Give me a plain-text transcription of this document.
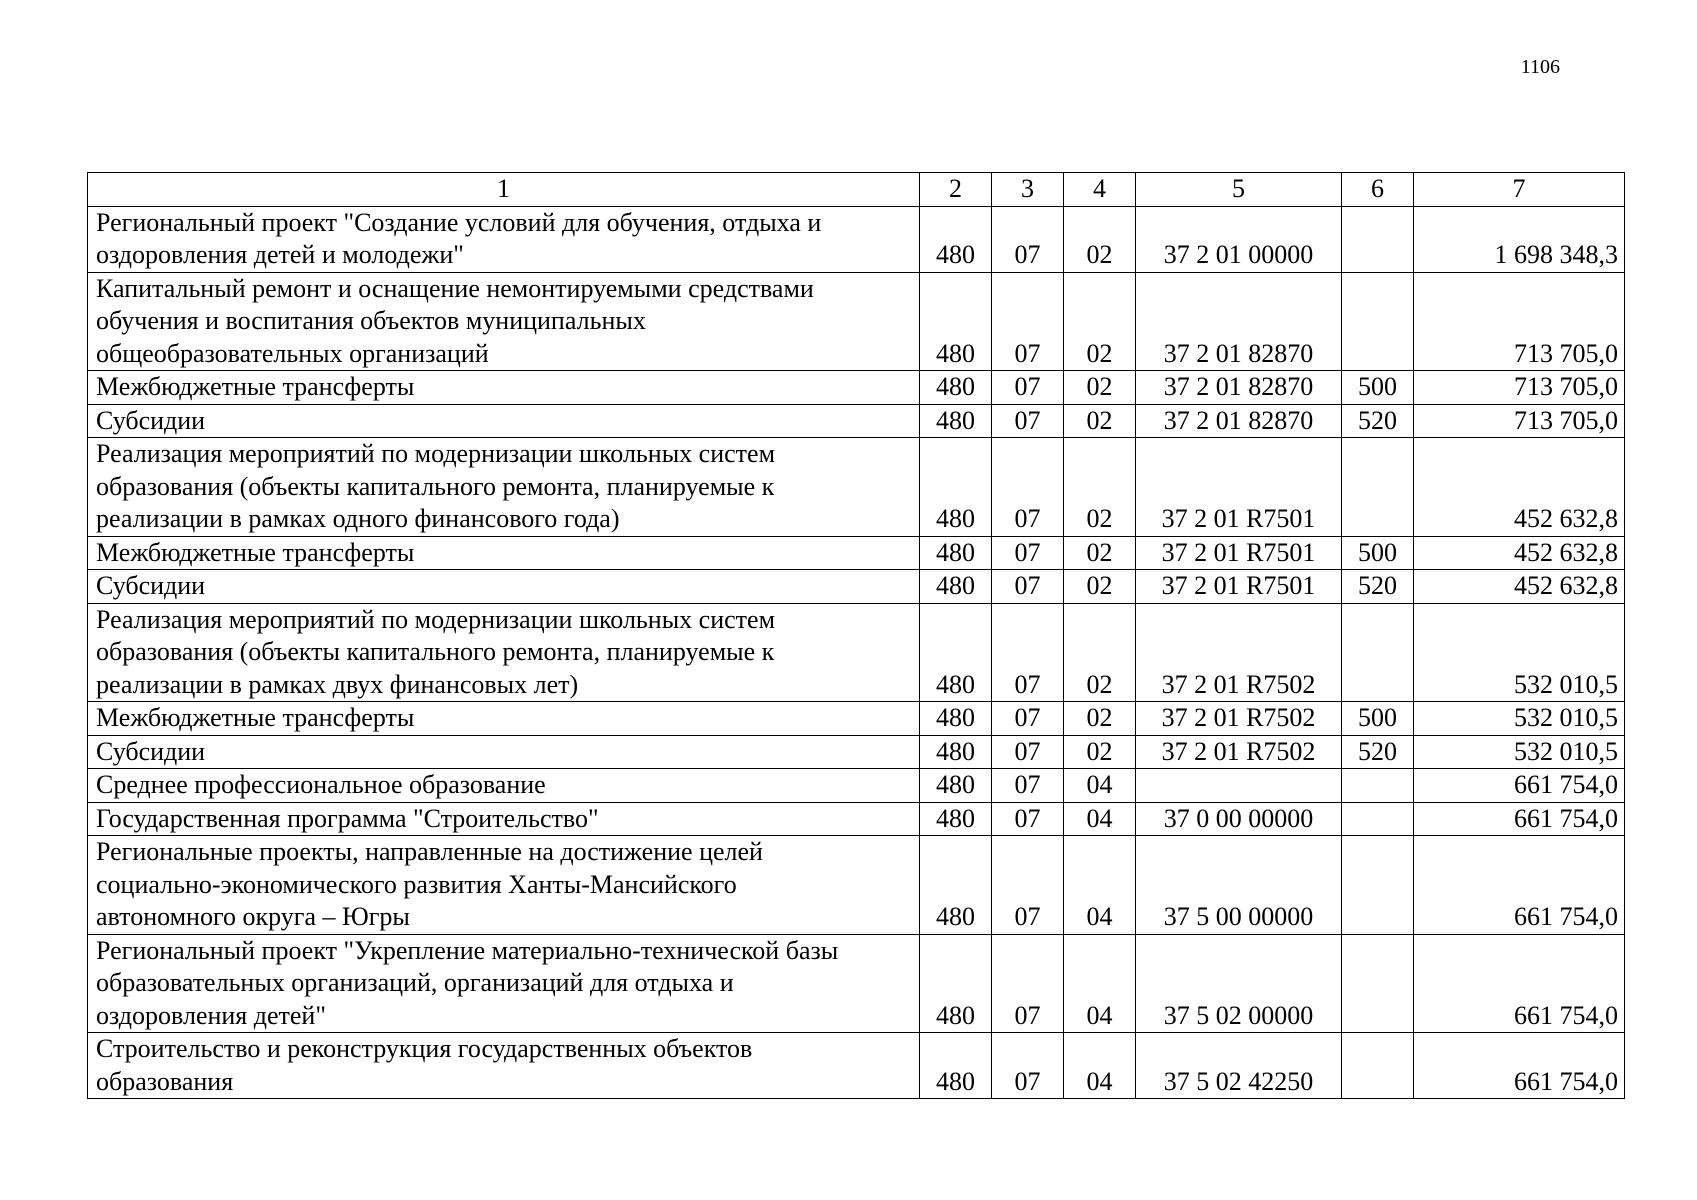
1106
1	2	3	4	5	6	7

Региональный проект "Создание условий для обучения, отдыха и
оздоровления детей и молодежи"	480	07	02	37 2 01 00000		1 698 348,3

Капитальный ремонт и оснащение немонтируемыми средствами
обучения и воспитания объектов муниципальных
общеобразовательных организаций	480	07	02	37 2 01 82870		713 705,0

Межбюджетные трансферты	480	07	02	37 2 01 82870	500	713 705,0

Субсидии	480	07	02	37 2 01 82870	520	713 705,0

Реализация мероприятий по модернизации школьных систем
образования (объекты капитального ремонта, планируемые к
реализации в рамках одного финансового года)	480	07	02	37 2 01 R7501		452 632,8

Межбюджетные трансферты	480	07	02	37 2 01 R7501	500	452 632,8

Субсидии	480	07	02	37 2 01 R7501	520	452 632,8

Реализация мероприятий по модернизации школьных систем
образования (объекты капитального ремонта, планируемые к
реализации в рамках двух финансовых лет)	480	07	02	37 2 01 R7502		532 010,5

Межбюджетные трансферты	480	07	02	37 2 01 R7502	500	532 010,5

Субсидии	480	07	02	37 2 01 R7502	520	532 010,5

Среднее профессиональное образование	480	07	04			661 754,0

Государственная программа "Строительство"	480	07	04	37 0 00 00000		661 754,0

Региональные проекты, направленные на достижение целей
социально-экономического развития Ханты-Мансийского
автономного округа – Югры	480	07	04	37 5 00 00000		661 754,0

Региональный проект "Укрепление материально-технической базы
образовательных организаций, организаций для отдыха и
оздоровления детей"	480	07	04	37 5 02 00000		661 754,0

Строительство и реконструкция государственных объектов
образования	480	07	04	37 5 02 42250		661 754,0
